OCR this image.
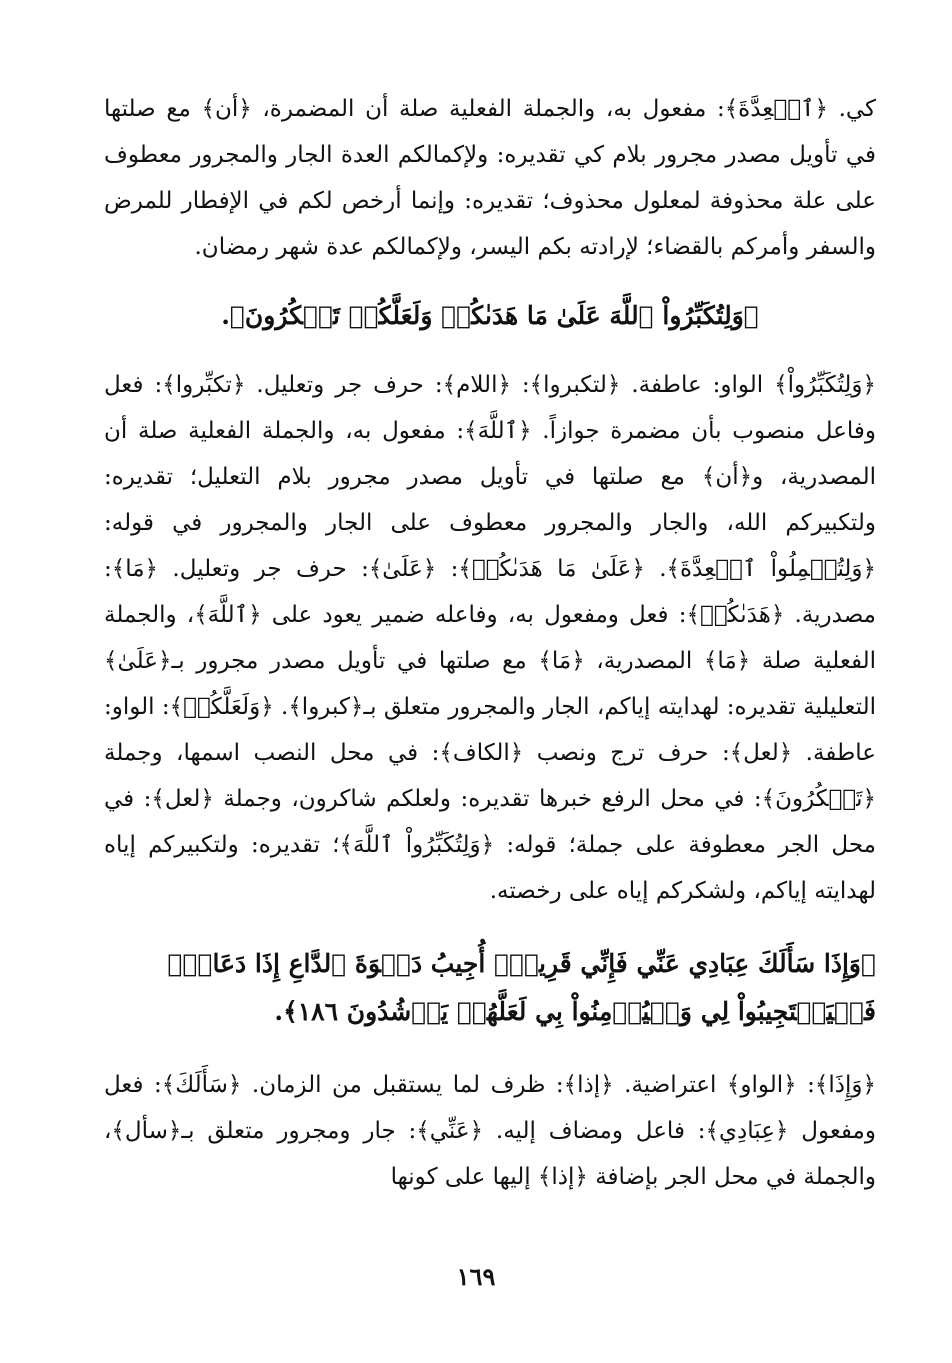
كي. ﴿ٱلۡعِدَّةَ﴾: مفعول به، والجملة الفعلية صلة أن المضمرة، ﴿أن﴾ مع صلتها في تأويل مصدر مجرور بلام كي تقديره: ولإكمالكم العدة الجار والمجرور معطوف على علة محذوفة لمعلول محذوف؛ تقديره: وإنما أرخص لكم في الإفطار للمرض والسفر وأمركم بالقضاء؛ لإرادته بكم اليسر، ولإكمالكم عدة شهر رمضان.

﴿وَلِتُكَبِّرُواْ ٱللَّهَ عَلَىٰ مَا هَدَىٰكُمۡ وَلَعَلَّكُمۡ تَشۡكُرُونَ﴾.

﴿وَلِتُكَبِّرُواْ﴾ الواو: عاطفة. ﴿لتكبروا﴾: ﴿اللام﴾: حرف جر وتعليل. ﴿تكبِّروا﴾: فعل وفاعل منصوب بأن مضمرة جوازاً. ﴿ٱللَّهَ﴾: مفعول به، والجملة الفعلية صلة أن المصدرية، و﴿أن﴾ مع صلتها في تأويل مصدر مجرور بلام التعليل؛ تقديره: ولتكبيركم الله، والجار والمجرور معطوف على الجار والمجرور في قوله: ﴿وَلِتُكۡمِلُواْ ٱلۡعِدَّةَ﴾. ﴿عَلَىٰ مَا هَدَىٰكُمۡ﴾: ﴿عَلَىٰ﴾: حرف جر وتعليل. ﴿مَا﴾: مصدرية. ﴿هَدَىٰكُمۡ﴾: فعل ومفعول به، وفاعله ضمير يعود على ﴿ٱللَّهَ﴾، والجملة الفعلية صلة ﴿مَا﴾ المصدرية، ﴿مَا﴾ مع صلتها في تأويل مصدر مجرور بـ﴿عَلَىٰ﴾ التعليلية تقديره: لهدايته إياكم، الجار والمجرور متعلق بـ﴿كبروا﴾. ﴿وَلَعَلَّكُمۡ﴾: الواو: عاطفة. ﴿لعل﴾: حرف ترج ونصب ﴿الكاف﴾: في محل النصب اسمها، وجملة ﴿تَشۡكُرُونَ﴾: في محل الرفع خبرها تقديره: ولعلكم شاكرون، وجملة ﴿لعل﴾: في محل الجر معطوفة على جملة؛ قوله: ﴿وَلِتُكَبِّرُواْ ٱللَّهَ﴾؛ تقديره: ولتكبيركم إياه لهدايته إياكم، ولشكركم إياه على رخصته.

﴿وَإِذَا سَأَلَكَ عِبَادِي عَنِّي فَإِنِّي قَرِيبٌۖ أُجِيبُ دَعۡوَةَ ٱلدَّاعِ إِذَا دَعَانِۖ فَلۡيَسۡتَجِيبُواْ لِي وَلۡيُؤۡمِنُواْ بِي لَعَلَّهُمۡ يَرۡشُدُونَ ١٨٦﴾.

﴿وَإِذَا﴾: ﴿الواو﴾ اعتراضية. ﴿إذا﴾: ظرف لما يستقبل من الزمان. ﴿سَأَلَكَ﴾: فعل ومفعول ﴿عِبَادِي﴾: فاعل ومضاف إليه. ﴿عَنِّي﴾: جار ومجرور متعلق بـ﴿سأل﴾، والجملة في محل الجر بإضافة ﴿إذا﴾ إليها على كونها

١٦٩
